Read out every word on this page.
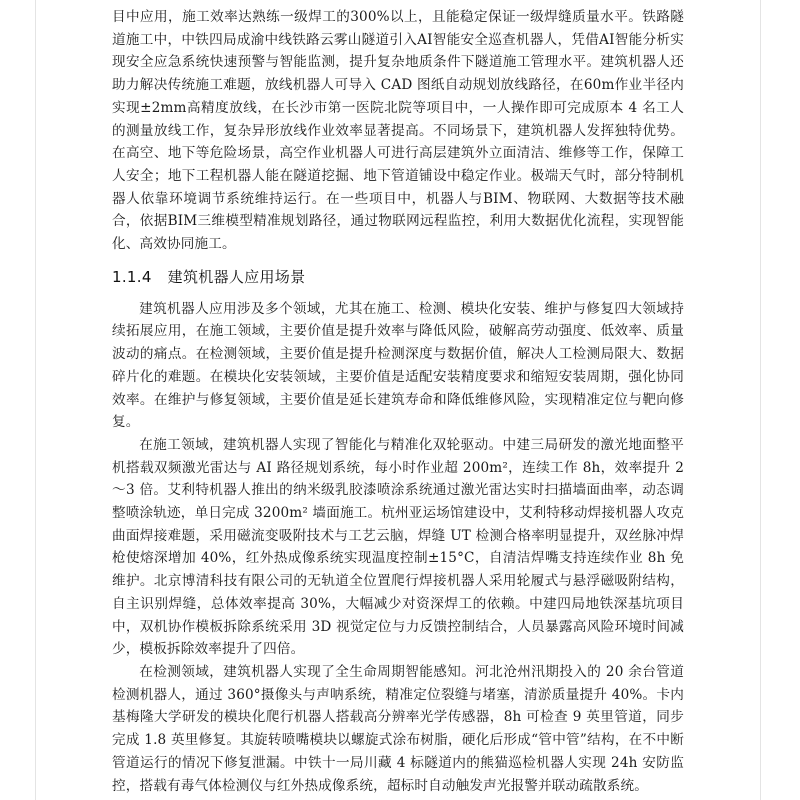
目中应用，施工效率达熟练一级焊工的300%以上，且能稳定保证一级焊缝质量水平。铁路隧道施工中，中铁四局成渝中线铁路云雾山隧道引入AI智能安全巡查机器人，凭借AI智能分析实现安全应急系统快速预警与智能监测，提升复杂地质条件下隧道施工管理水平。建筑机器人还助力解决传统施工难题，放线机器人可导入 CAD 图纸自动规划放线路径，在60m作业半径内实现±2mm高精度放线，在长沙市第一医院北院等项目中，一人操作即可完成原本 4 名工人的测量放线工作，复杂异形放线作业效率显著提高。不同场景下，建筑机器人发挥独特优势。在高空、地下等危险场景，高空作业机器人可进行高层建筑外立面清洁、维修等工作，保障工人安全；地下工程机器人能在隧道挖掘、地下管道铺设中稳定作业。极端天气时，部分特制机器人依靠环境调节系统维持运行。在一些项目中，机器人与BIM、物联网、大数据等技术融合，依据BIM三维模型精准规划路径，通过物联网远程监控，利用大数据优化流程，实现智能化、高效协同施工。

1.1.4 建筑机器人应用场景

建筑机器人应用涉及多个领域，尤其在施工、检测、模块化安装、维护与修复四大领域持续拓展应用，在施工领域，主要价值是提升效率与降低风险，破解高劳动强度、低效率、质量波动的痛点。在检测领域，主要价值是提升检测深度与数据价值，解决人工检测局限大、数据碎片化的难题。在模块化安装领域，主要价值是适配安装精度要求和缩短安装周期，强化协同效率。在维护与修复领域，主要价值是延长建筑寿命和降低维修风险，实现精准定位与靶向修复。

在施工领域，建筑机器人实现了智能化与精准化双轮驱动。中建三局研发的激光地面整平机搭载双频激光雷达与 AI 路径规划系统，每小时作业超 200m²，连续工作 8h，效率提升 2～3 倍。艾利特机器人推出的纳米级乳胶漆喷涂系统通过激光雷达实时扫描墙面曲率，动态调整喷涂轨迹，单日完成 3200m² 墙面施工。杭州亚运场馆建设中，艾利特移动焊接机器人攻克曲面焊接难题，采用磁流变吸附技术与工艺云脑，焊缝 UT 检测合格率明显提升，双丝脉冲焊枪使熔深增加 40%，红外热成像系统实现温度控制±15°C，自清洁焊嘴支持连续作业 8h 免维护。北京博清科技有限公司的无轨道全位置爬行焊接机器人采用轮履式与悬浮磁吸附结构，自主识别焊缝，总体效率提高 30%，大幅减少对资深焊工的依赖。中建四局地铁深基坑项目中，双机协作模板拆除系统采用 3D 视觉定位与力反馈控制结合，人员暴露高风险环境时间减少，模板拆除效率提升了四倍。

在检测领域，建筑机器人实现了全生命周期智能感知。河北沧州汛期投入的 20 余台管道检测机器人，通过 360°摄像头与声呐系统，精准定位裂缝与堵塞，清淤质量提升 40%。卡内基梅隆大学研发的模块化爬行机器人搭载高分辨率光学传感器，8h 可检查 9 英里管道，同步完成 1.8 英里修复。其旋转喷嘴模块以螺旋式涂布树脂，硬化后形成“管中管”结构，在不中断管道运行的情况下修复泄漏。中铁十一局川藏 4 标隧道内的熊猫巡检机器人实现 24h 安防监控，搭载有毒气体检测仪与红外热成像系统，超标时自动触发声光报警并联动疏散系统。
